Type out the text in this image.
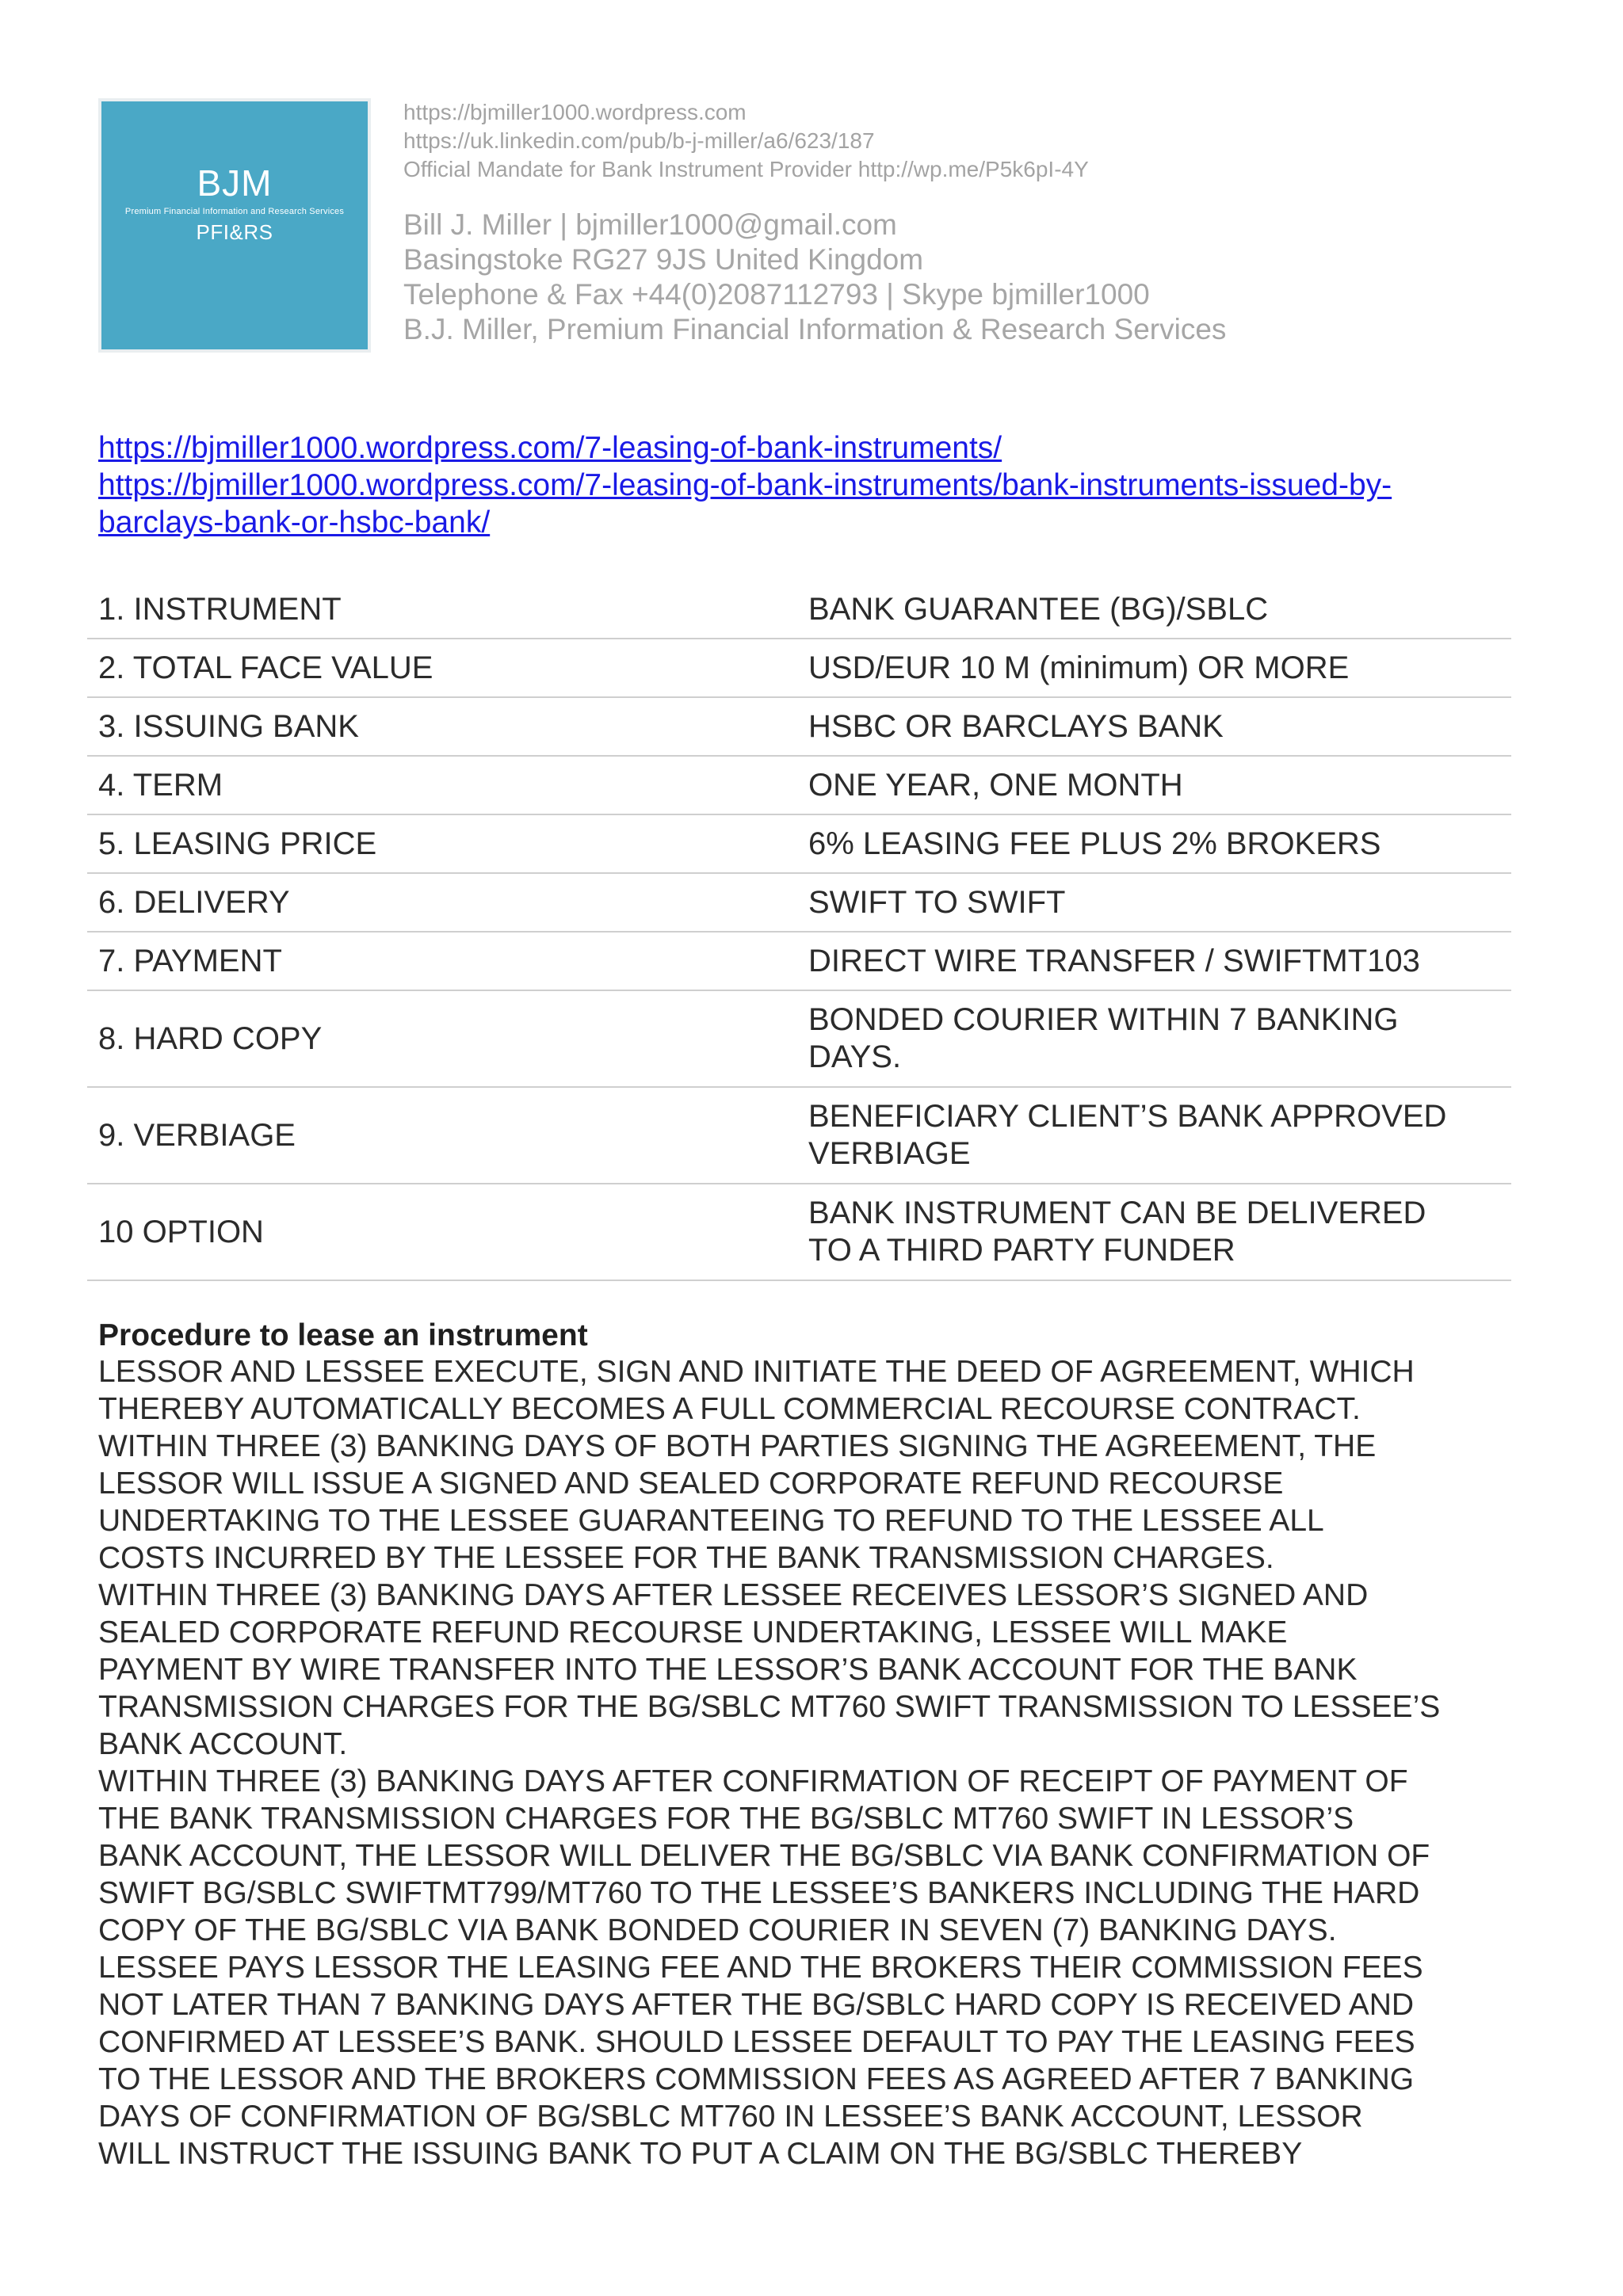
BJM
Premium Financial Information and Research Services
PFI&RS
https://bjmiller1000.wordpress.com
https://uk.linkedin.com/pub/b-j-miller/a6/623/187
Official Mandate for Bank Instrument Provider http://wp.me/P5k6pI-4Y
Bill J. Miller | bjmiller1000@gmail.com
Basingstoke RG27 9JS United Kingdom
Telephone & Fax +44(0)2087112793 | Skype bjmiller1000
B.J. Miller, Premium Financial Information & Research Services
https://bjmiller1000.wordpress.com/7-leasing-of-bank-instruments/
https://bjmiller1000.wordpress.com/7-leasing-of-bank-instruments/bank-instruments-issued-by-
barclays-bank-or-hsbc-bank/
1. INSTRUMENT	BANK GUARANTEE (BG)/SBLC
2. TOTAL FACE VALUE	USD/EUR 10 M (minimum) OR MORE
3. ISSUING BANK	HSBC OR BARCLAYS BANK
4. TERM	ONE YEAR, ONE MONTH
5. LEASING PRICE	6% LEASING FEE PLUS 2% BROKERS
6. DELIVERY	SWIFT TO SWIFT
7. PAYMENT	DIRECT WIRE TRANSFER / SWIFTMT103
8. HARD COPY	BONDED COURIER WITHIN 7 BANKING
DAYS.

9. VERBIAGE	BENEFICIARY CLIENT’S BANK APPROVED
VERBIAGE

10 OPTION	BANK INSTRUMENT CAN BE DELIVERED
TO A THIRD PARTY FUNDER
Procedure to lease an instrument

LESSOR AND LESSEE EXECUTE, SIGN AND INITIATE THE DEED OF AGREEMENT, WHICH

THEREBY AUTOMATICALLY BECOMES A FULL COMMERCIAL RECOURSE CONTRACT.

WITHIN THREE (3) BANKING DAYS OF BOTH PARTIES SIGNING THE AGREEMENT, THE

LESSOR WILL ISSUE A SIGNED AND SEALED CORPORATE REFUND RECOURSE

UNDERTAKING TO THE LESSEE GUARANTEEING TO REFUND TO THE LESSEE ALL

COSTS INCURRED BY THE LESSEE FOR THE BANK TRANSMISSION CHARGES.

WITHIN THREE (3) BANKING DAYS AFTER LESSEE RECEIVES LESSOR’S SIGNED AND

SEALED CORPORATE REFUND RECOURSE UNDERTAKING, LESSEE WILL MAKE

PAYMENT BY WIRE TRANSFER INTO THE LESSOR’S BANK ACCOUNT FOR THE BANK

TRANSMISSION CHARGES FOR THE BG/SBLC MT760 SWIFT TRANSMISSION TO LESSEE’S

BANK ACCOUNT.

WITHIN THREE (3) BANKING DAYS AFTER CONFIRMATION OF RECEIPT OF PAYMENT OF

THE BANK TRANSMISSION CHARGES FOR THE BG/SBLC MT760 SWIFT IN LESSOR’S

BANK ACCOUNT, THE LESSOR WILL DELIVER THE BG/SBLC VIA BANK CONFIRMATION OF

SWIFT BG/SBLC SWIFTMT799/MT760 TO THE LESSEE’S BANKERS INCLUDING THE HARD

COPY OF THE BG/SBLC VIA BANK BONDED COURIER IN SEVEN (7) BANKING DAYS.

LESSEE PAYS LESSOR THE LEASING FEE AND THE BROKERS THEIR COMMISSION FEES

NOT LATER THAN 7 BANKING DAYS AFTER THE BG/SBLC HARD COPY IS RECEIVED AND

CONFIRMED AT LESSEE’S BANK. SHOULD LESSEE DEFAULT TO PAY THE LEASING FEES

TO THE LESSOR AND THE BROKERS COMMISSION FEES AS AGREED AFTER 7 BANKING

DAYS OF CONFIRMATION OF BG/SBLC MT760 IN LESSEE’S BANK ACCOUNT, LESSOR

WILL INSTRUCT THE ISSUING BANK TO PUT A CLAIM ON THE BG/SBLC THEREBY
